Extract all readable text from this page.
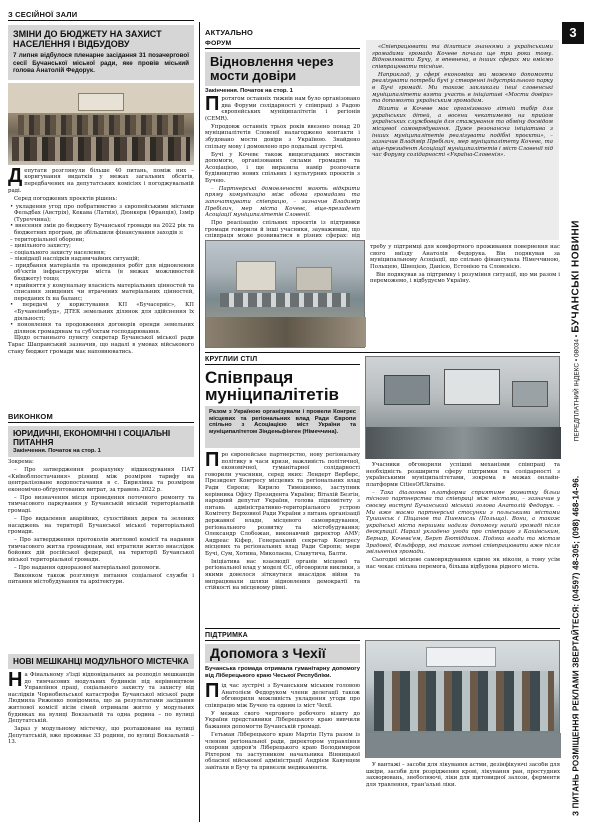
З СЕСІЙНОЇ ЗАЛИ
АКТУАЛЬНО	3
З ПИТАНЬ РОЗМІЩЕННЯ РЕКЛАМИ ЗВЕРТАЙТЕСЯ: (04597) 48-305; (098) 468-14-96.  ПЕРЕДПЛАТНИЙ ІНДЕКС • 08034 • БУЧАНСЬКІ НОВИНИ
ЗМІНИ ДО БЮДЖЕТУ НА ЗАХИСТ НАСЕЛЕННЯ І ВІДБУДОВУ
7 липня відбулося пленарне засідання 31 позачергової сесії Бучанської міської ради, яке провів міський голова Анатолій Федорук.

Депутати розглянули більше 40 питань, поміж них – коригування видатків у межах загальних обсягів, передбачених на депутатських комісіях і погоджувальній раді.

Серед погоджених проєктів рішень:

• уклaдення угод про побратимство з європейськими містами Фельдбах (Австрія), Кекава (Латвія), Дюнкерк (Франція), Ізмір (Туреччина);
• внесення змін до бюджету Бучанської громади на 2022 рік та бюджетних програм, де збільшили фінансування заходів з:
– територіальної оборони;
– цивільного захисту;
– соціального захисту населення;
– ліквідації наслідків надзвичайних ситуацій;
– придбання матеріалів та проведення робіт для відновлення об'єктів інфраструктури міста (в межах можливостей бюджету) тощо;
• прийняття у комунальну власність матеріальних цінностей та списання знищених чи втрачених матеріальних цінностей, переданих їх на баланс;
• передачі у користування КП «Бучасервіс», КП «Бучанеінвбуд», ДТЕК земельних ділянок для здійснення їх діяльності;
• поновлення та продовження договорів оренди земельних ділянок громадянам та суб'єктам господарювання.

Щодо останнього пункту секретар Бучанської міської ради Тарас Шаправський зазначив, що надалі в умовах військового стану бюджет громади має наповнюватись.

ВИКОНКОМ
ЮРИДИЧНІ, ЕКОНОМІЧНІ І СОЦІАЛЬНІ ПИТАННЯ
Закінчення. Початок на стор. 1

Зокрема:

– Про затвердження розрахунку відшкодування ПАТ «Київоблпостачання» різниці між розміром тарифу на централізоване водопостачання в с. Бирилівка та розміром економічно-обґрунтованих витрат, за травень 2022 р.

– Про визначення місця проведення поточного ремонту та тимчасового паркування у Бучанській міській територіальній громаді.

– Про видалення аварійних, сухостійних дерев та зелених насаджень на території Бучанської міської територіальної громади.

– Про затвердження протоколів житлової комісії та надання тимчасового житла громадянам, які втратили житло внаслідок бойових дій російської федерації, на території Бучанської міської територіальної громади.

– Про надання одноразової матеріальної допомоги.

Виконком також розглянув питання соціальної служби і питання містобудування та архітектури.

НОВІ МЕШКАНЦІ МОДУЛЬНОГО МІСТЕЧКА

На Фінальному з'їзді відповідальних за розподіл мешканців до тимчасових модульних будинків під керівництвом Управління праці, соціального захисту та захисту від наслідків Чорнобильської катастрофи Бучанської міської ради Людмила Риженко повідомила, що за результатами засідання житлової комісії вісім сімей отримали житло у модульних будинках на вулиці Вокзальній та одна родина – по вулиці Депутатській.

Зараз у модульному містечку, що розташоване на вулиці Депутатській, вже проживає 33 родини, по вулиці Вокзальній – 13.

ФОРУМ
Відновлення через мости довіри
Закінчення. Початок на стор. 1

Протягом останніх тижнів нам було організовано два Форуми солідарності у співпраці з Радою європейських муніципалітетів і регіонів (CEMR).

Упродовж останніх трьох років ввезено понад 20 муніципалітетів Словенії налагоджено контакти і збудовано мости довіри з Україною. Знайдено спільну мову і домовлено про подальші зустрічі.

Бучі у Кочевє також вищезгаданих мостиків допомоги, організованих силами громадян та Асоціацією, і ще виразила намір розпочати будівництво нових спільних і культурних проєктів з Бучею.

– Партнерські домовленості мають відкрити пряму комунікацію між обома громадами та започаткувати співпрацю, – зазначив Владимір Пребілич, мер міста Кочевє, віце-президент Асоціації муніципалітетів Словенії.

Про реалізацію спільних проєктів із підтримки громади говорили й інші учасники, зауваживши, що співпраця може розвиватися в різних сферах: від

«Співпрацювати та ділитися знаннями з українськими громадами громада Кочеве почала ще три роки тому. Відновлювати Бучу, я впевнена, в інших сферах ми вміємо співпрацювати тісніше.

Наприклад, у сфері економіки ми можемо допомогти реалізувати потреби бучі у створенні індустріального парку в Бучі громаді. Ми також закликали інші словенські муніципалітети взяти участь в ініціативі «Мости довіри» та допомогти українським громадам.

Візити в Кочеве має організовано літній табір для українських дітей, а восени чекатимемо на прийом українських службовців для стажування та обміну досвідом місцевої самоврядування. Дуже резонансна ініціатива з інших муніципалітетів реалізувати подібні проєкти», – зазначив Владімір Пребілич, мер муніципалітету Кочевє, та віце-президент Асоціації муніципалітетів і міст Словенії під час Форуму солідарності «Україна-Словенія».

требу у підтримці для комфортного проживання повернення нас свого виїзду Анатолія Федорука. Він подякував за муніципальному Асоціації, що спільно фінансувала Німеччиною, Польщею, Швецією, Данією, Естонією та Словенією.

Він подякував за підтримку і розуміння ситуації, що ми разом і переможемо, і відбудуємо Україну.

КРУГЛИЙ СТІЛ
Співпраця муніципалітетів
Разом з Україною організували і провели Конгрес місцевих та регіональних влад Ради Європи спільно з Асоціацією міст України та муніципалітетом Зінденьфінген (Німеччина).

Про європейське партнерство, нову регіональну політику в часи кризи, важливість політичної, економічної, гуманітарної солідарності говорили учасники, серед яких: Лендерт Верберс, Президент Конгресу місцевих та регіональних влад Ради Європи; Кирило Тимошенко, заступник керівника Офісу Президента України; Віталій Безгін, народний депутат України, голова підкомітету з питань адміністративно-територіального устрою Комітету Верховної Ради України з питань організації державної влади, місцевого самоврядування, регіонального розвитку та містобудування; Олександр Слобожан, виконавчий директор АМУ; Андреас Кіфер, Генеральний секретар Конгресу місцевих та регіональних влад Ради Європи; мери Бучі, Сум, Хотина, Миколаєва, Славутича, Балти.

Ініціатива нас взаємодії органів місцевої та регіональної влад у моделі ЄС, обговорили виклики, з якими довелося зіткнутися внаслідок війни та випрацювали шляхи відновлення демократії та стійкості на місцевому рівні.

Учасники обговорили успішні механізми співпраці та необхідність розширити сферу підтримки та солідарності з українськими муніципалітетами, зокрема в межах онлайн-платформи CitiesOfUkraine.

– Така діалогова платформа сприятиме розвитку більш тісного партнерства та співпраці між містами, – зазначив у своєму виступі Бучанський міський голова Анатолій Федорук. – Ми вже маємо партнерські стосунки з польськими містами Тушинськ і Піщанов та Пшемисль (Польща). Вони, а також українські міста першими надали допомогу нашій громаді після деокупації. Наразі укладено угоди про співпрацю з Кашівським, Бернар, Кочевє'ем, Бергп Бютіддиом. Подяка влади та містам Зрадової, Фільдфорр, які також готові співпрацювати вже після звільнення громади.

Сьогодні місцеве самоврядування єдине як ніколи, а тому усім нас чекає спільна перемога, більша відбудова рідного міста.

ПІДТРИМКА
Допомога з Чехії
Бучанська громада отримала гуманітарну допомогу від Ліберецького краю Чеської Республіки.

Під час зустрічі з Бучанським міським головою Анатолієм Федоруком члени делегації також обговорили можливість укладення угоди про співпрацю між Бучею та одним із міст Чехії.

У межах свого чергового робочого візиту до України представники Ліберецького краю вивчили бажання допомогти Бучанській громаді.

Гетьман Ліберецького краю Мартін Пута разом із членом регіональної ради, директором управління охорони здоров'я Ліберецького краю Володимиром Ріхтером та заступником начальника Вінницької обласної військової адміністрації Андрієм Кавунцем завітали в Бучу та привезли медикаменти.	У вантажі – засоби для лікування астми, дезінфікуючі засоби для шкіри, засоби для розріджения крові, лікування ран, простудних захворювань, знеболюючі, ліки для щитовидної залози, ферменти для травлення, тран'альні ліки.
